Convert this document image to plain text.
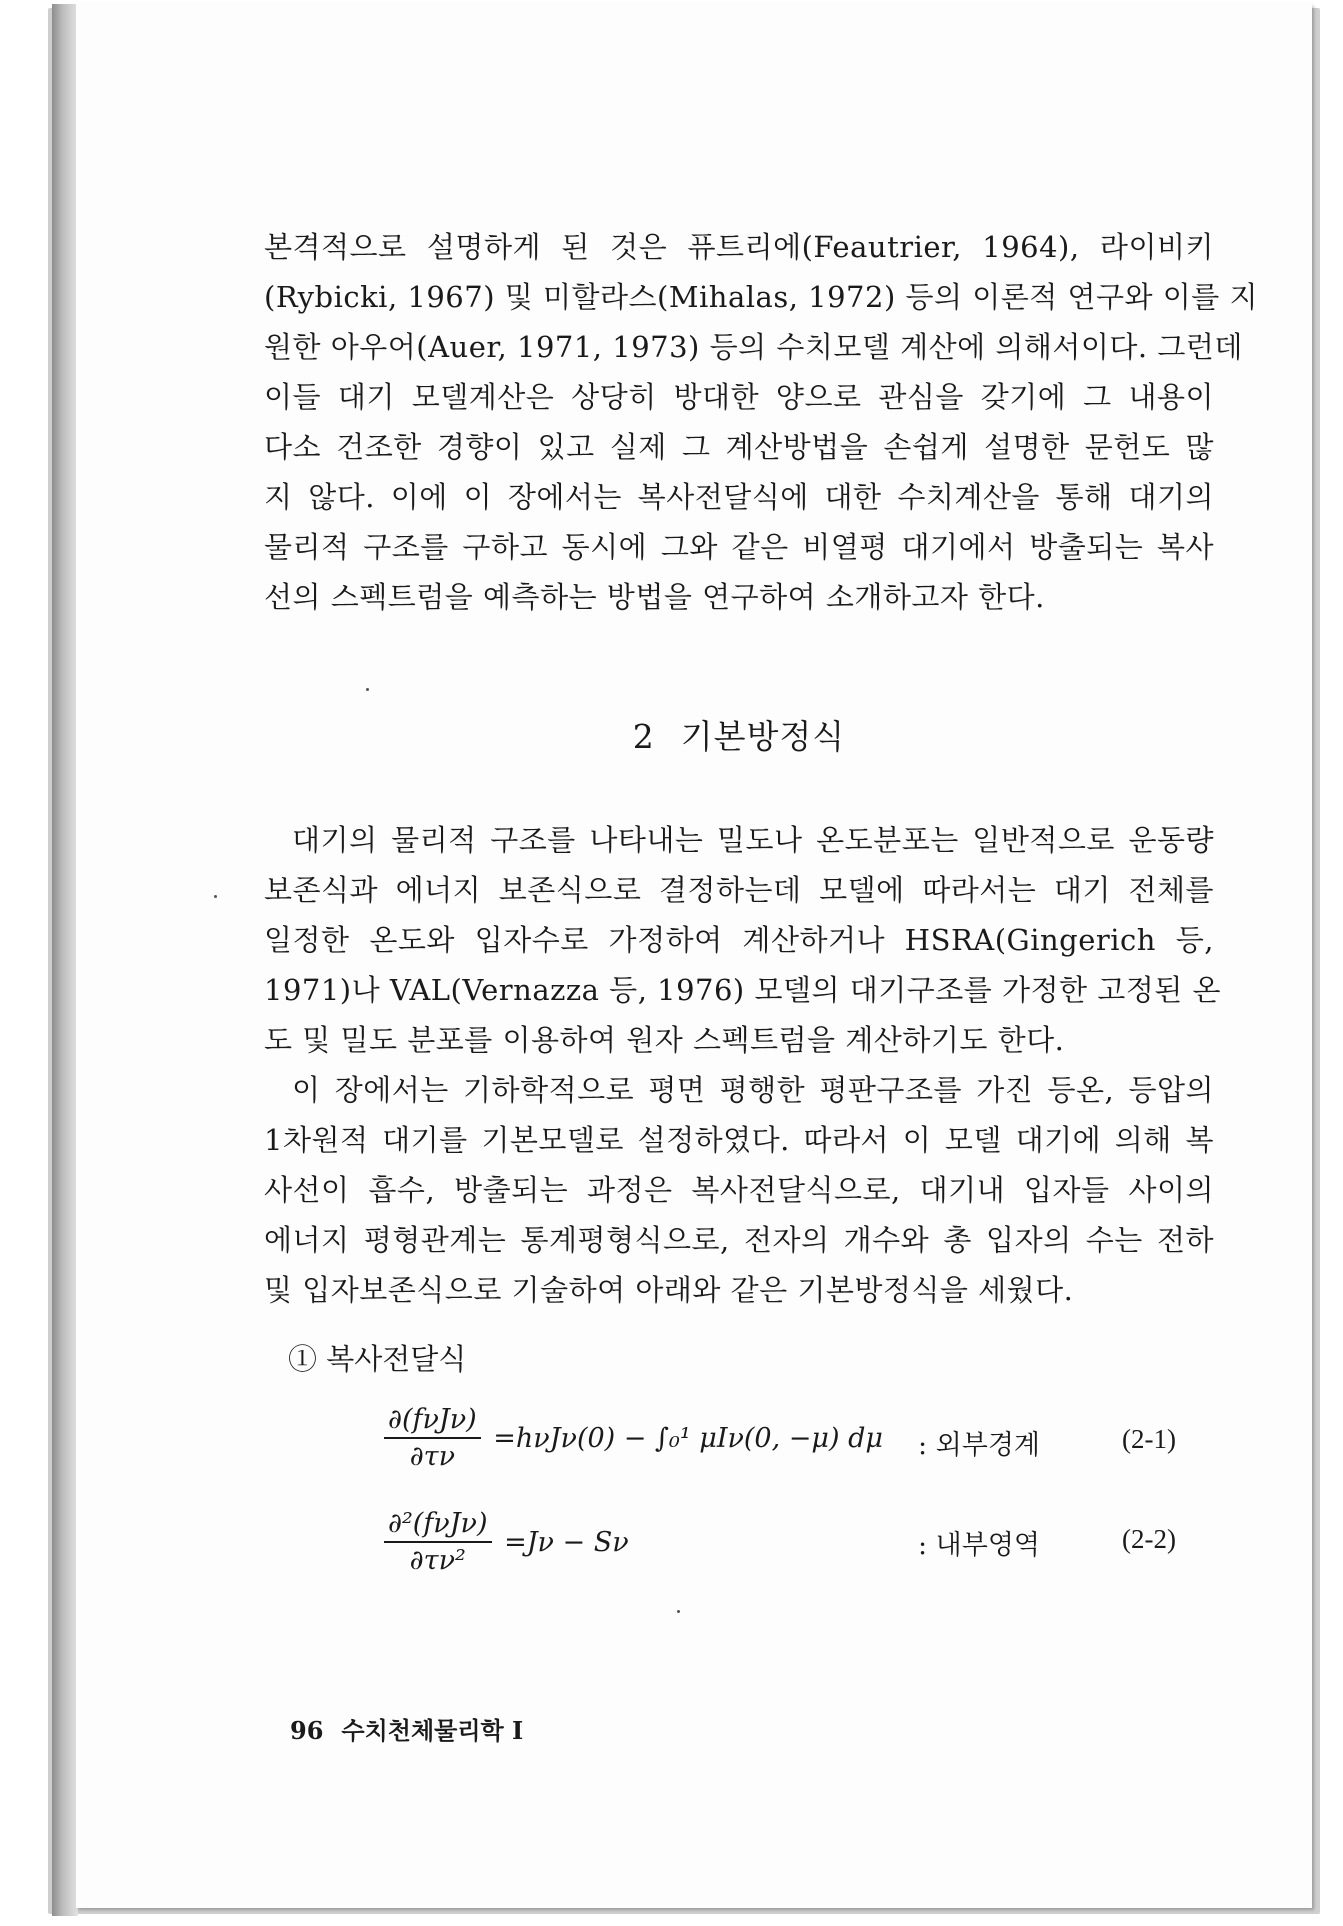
본격적으로 설명하게 된 것은 퓨트리에(Feautrier, 1964), 라이비키
(Rybicki, 1967) 및 미할라스(Mihalas, 1972) 등의 이론적 연구와 이를 지
원한 아우어(Auer, 1971, 1973) 등의 수치모델 계산에 의해서이다. 그런데
이들 대기 모델계산은 상당히 방대한 양으로 관심을 갖기에 그 내용이
다소 건조한 경향이 있고 실제 그 계산방법을 손쉽게 설명한 문헌도 많
지 않다. 이에 이 장에서는 복사전달식에 대한 수치계산을 통해 대기의
물리적 구조를 구하고 동시에 그와 같은 비열평 대기에서 방출되는 복사
선의 스펙트럼을 예측하는 방법을 연구하여 소개하고자 한다.
2 기본방정식
대기의 물리적 구조를 나타내는 밀도나 온도분포는 일반적으로 운동량
보존식과 에너지 보존식으로 결정하는데 모델에 따라서는 대기 전체를
일정한 온도와 입자수로 가정하여 계산하거나 HSRA(Gingerich 등,
1971)나 VAL(Vernazza 등, 1976) 모델의 대기구조를 가정한 고정된 온
도 및 밀도 분포를 이용하여 원자 스펙트럼을 계산하기도 한다.
이 장에서는 기하학적으로 평면 평행한 평판구조를 가진 등온, 등압의
1차원적 대기를 기본모델로 설정하였다. 따라서 이 모델 대기에 의해 복
사선이 흡수, 방출되는 과정은 복사전달식으로, 대기내 입자들 사이의
에너지 평형관계는 통계평형식으로, 전자의 개수와 총 입자의 수는 전하
및 입자보존식으로 기술하여 아래와 같은 기본방정식을 세웠다.
① 복사전달식
$\frac{\text{∂(fνJν)}}{\partial\tau\nu} =h\nu J\nu(0) - \int_0^1$ μIν(0, −μ) dμ : 외부경계	(2-1)
$\frac{\text{∂²(fνJν)}}{\text{∂τν²}} =J\nu - S\nu$	: 내부영역	(2-2)
96 수치천체물리학 I
